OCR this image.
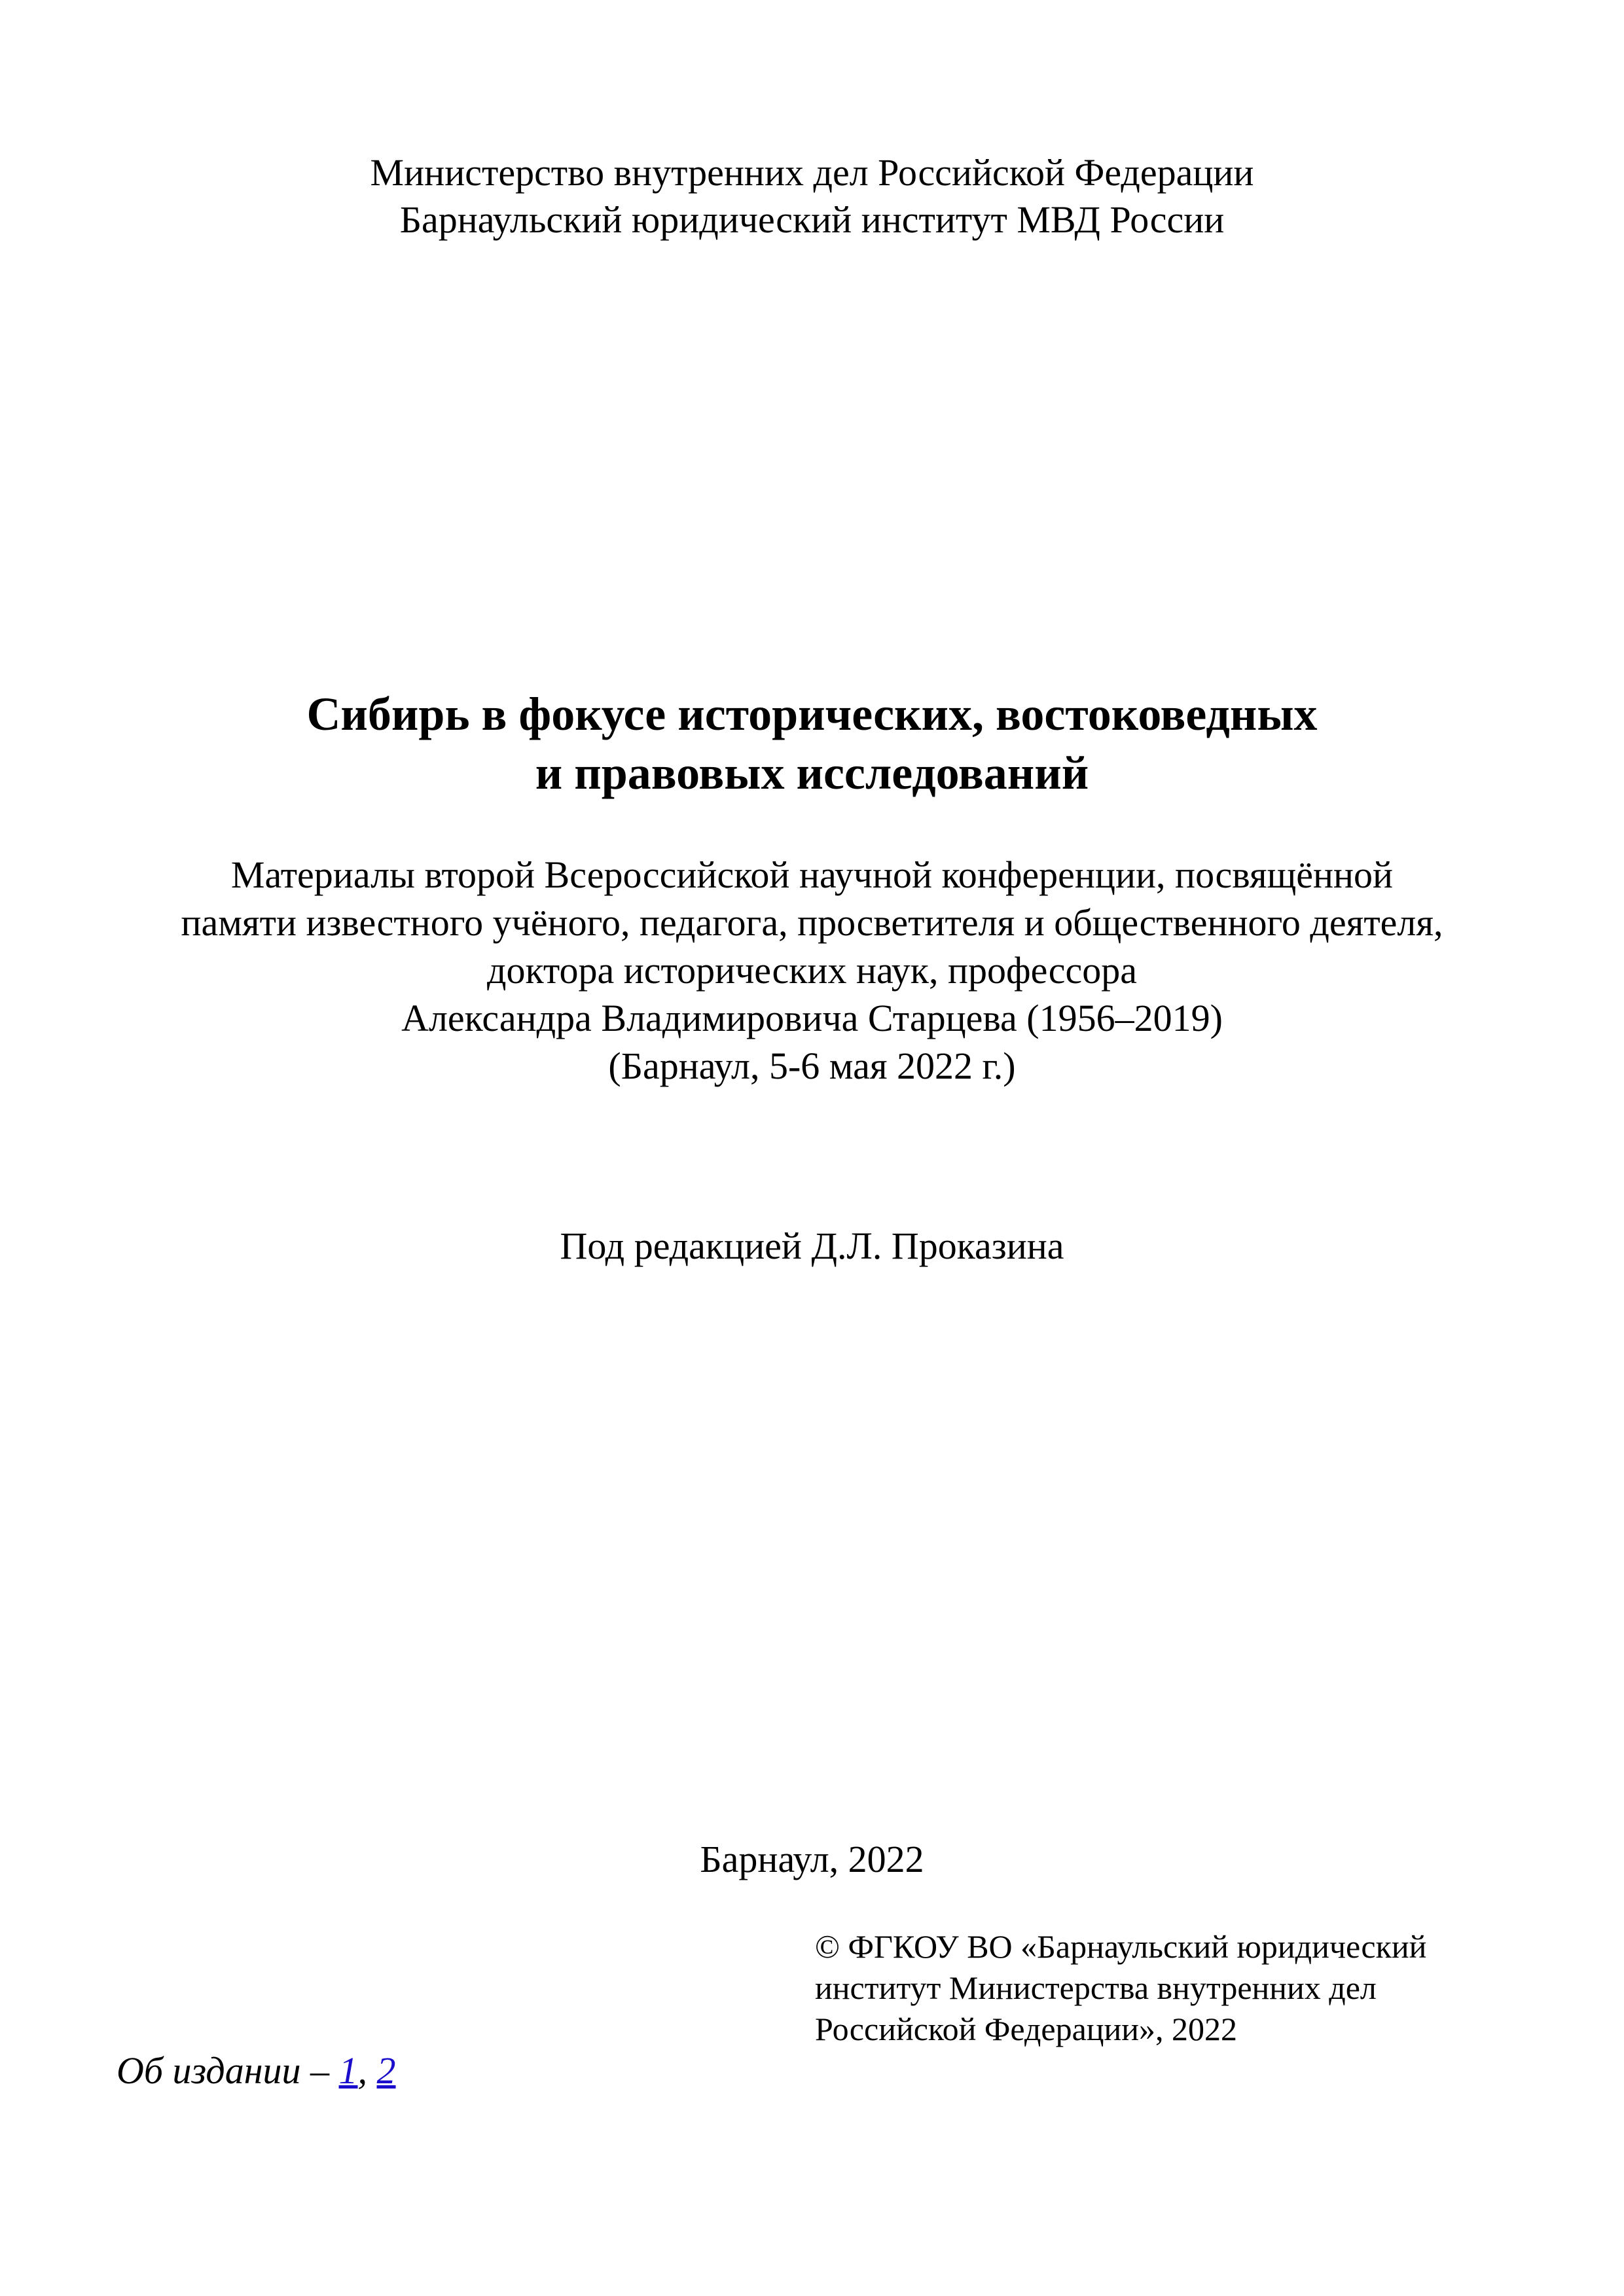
Министерство внутренних дел Российской Федерации
Барнаульский юридический институт МВД России
Сибирь в фокусе исторических, востоковедных
и правовых исследований
Материалы второй Всероссийской научной конференции, посвящённой
памяти известного учёного, педагога, просветителя и общественного деятеля,
доктора исторических наук, профессора
Александра Владимировича Старцева (1956–2019)
(Барнаул, 5-6 мая 2022 г.)
Под редакцией Д.Л. Проказина
Барнаул, 2022
© ФГКОУ ВО «Барнаульский юридический
институт Министерства внутренних дел
Российской Федерации», 2022
Об издании – 1, 2
